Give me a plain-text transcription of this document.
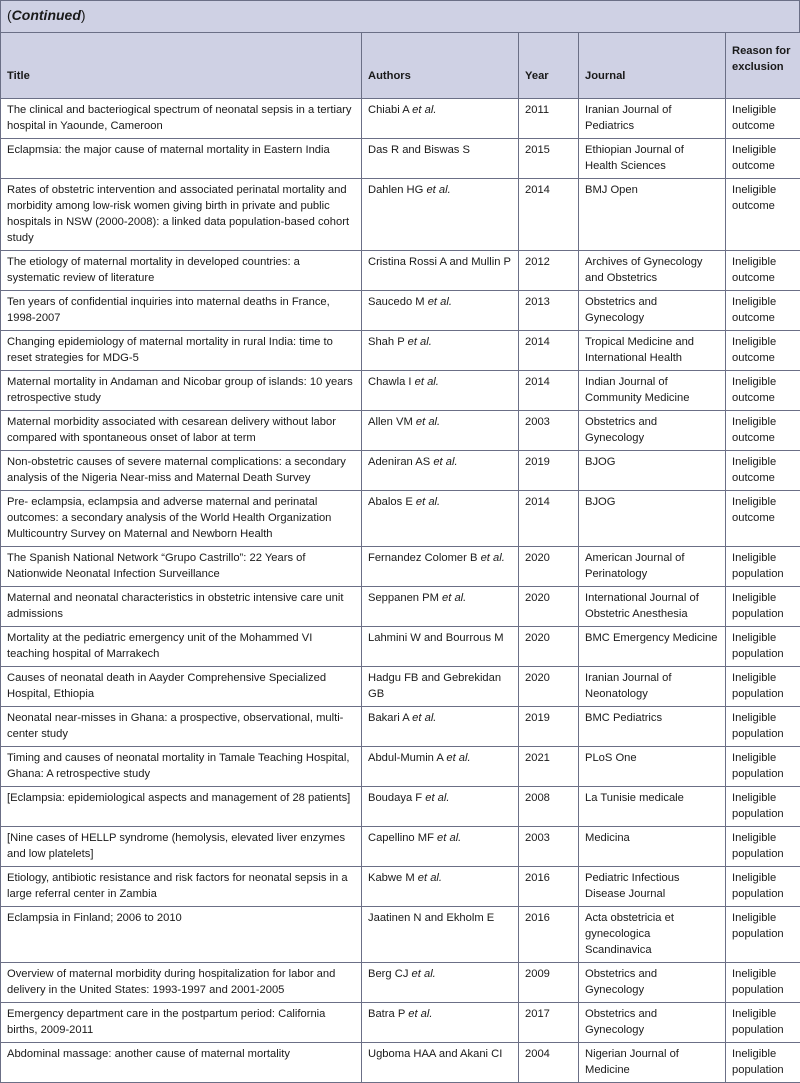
(Continued)
Title	Authors	Year	Journal	Reason for exclusion
The clinical and bacteriogical spectrum of neonatal sepsis in a tertiary hospital in Yaounde, Cameroon	Chiabi A et al.	2011	Iranian Journal of Pediatrics	Ineligible outcome
Eclapmsia: the major cause of maternal mortality in Eastern India	Das R and Biswas S	2015	Ethiopian Journal of Health Sciences	Ineligible outcome
Rates of obstetric intervention and associated perinatal mortality and morbidity among low-risk women giving birth in private and public hospitals in NSW (2000-2008): a linked data population-based cohort study	Dahlen HG et al.	2014	BMJ Open	Ineligible outcome
The etiology of maternal mortality in developed countries: a systematic review of literature	Cristina Rossi A and Mullin P	2012	Archives of Gynecology and Obstetrics	Ineligible outcome
Ten years of confidential inquiries into maternal deaths in France, 1998-2007	Saucedo M et al.	2013	Obstetrics and Gynecology	Ineligible outcome
Changing epidemiology of maternal mortality in rural India: time to reset strategies for MDG-5	Shah P et al.	2014	Tropical Medicine and International Health	Ineligible outcome
Maternal mortality in Andaman and Nicobar group of islands: 10 years retrospective study	Chawla I et al.	2014	Indian Journal of Community Medicine	Ineligible outcome
Maternal morbidity associated with cesarean delivery without labor compared with spontaneous onset of labor at term	Allen VM et al.	2003	Obstetrics and Gynecology	Ineligible outcome
Non-obstetric causes of severe maternal complications: a secondary analysis of the Nigeria Near-miss and Maternal Death Survey	Adeniran AS et al.	2019	BJOG	Ineligible outcome
Pre- eclampsia, eclampsia and adverse maternal and perinatal outcomes: a secondary analysis of the World Health Organization Multicountry Survey on Maternal and Newborn Health	Abalos E et al.	2014	BJOG	Ineligible outcome
The Spanish National Network “Grupo Castrillo”: 22 Years of Nationwide Neonatal Infection Surveillance	Fernandez Colomer B et al.	2020	American Journal of Perinatology	Ineligible population
Maternal and neonatal characteristics in obstetric intensive care unit admissions	Seppanen PM et al.	2020	International Journal of Obstetric Anesthesia	Ineligible population
Mortality at the pediatric emergency unit of the Mohammed VI teaching hospital of Marrakech	Lahmini W and Bourrous M	2020	BMC Emergency Medicine	Ineligible population
Causes of neonatal death in Aayder Comprehensive Specialized Hospital, Ethiopia	Hadgu FB and Gebrekidan GB	2020	Iranian Journal of Neonatology	Ineligible population
Neonatal near-misses in Ghana: a prospective, observational, multi-center study	Bakari A et al.	2019	BMC Pediatrics	Ineligible population
Timing and causes of neonatal mortality in Tamale Teaching Hospital, Ghana: A retrospective study	Abdul-Mumin A et al.	2021	PLoS One	Ineligible population
[Eclampsia: epidemiological aspects and management of 28 patients]	Boudaya F et al.	2008	La Tunisie medicale	Ineligible population
[Nine cases of HELLP syndrome (hemolysis, elevated liver enzymes and low platelets]	Capellino MF et al.	2003	Medicina	Ineligible population
Etiology, antibiotic resistance and risk factors for neonatal sepsis in a large referral center in Zambia	Kabwe M et al.	2016	Pediatric Infectious Disease Journal	Ineligible population
Eclampsia in Finland; 2006 to 2010	Jaatinen N and Ekholm E	2016	Acta obstetricia et gynecologica Scandinavica	Ineligible population
Overview of maternal morbidity during hospitalization for labor and delivery in the United States: 1993-1997 and 2001-2005	Berg CJ et al.	2009	Obstetrics and Gynecology	Ineligible population
Emergency department care in the postpartum period: California births, 2009-2011	Batra P et al.	2017	Obstetrics and Gynecology	Ineligible population
Abdominal massage: another cause of maternal mortality	Ugboma HAA and Akani CI	2004	Nigerian Journal of Medicine	Ineligible population
